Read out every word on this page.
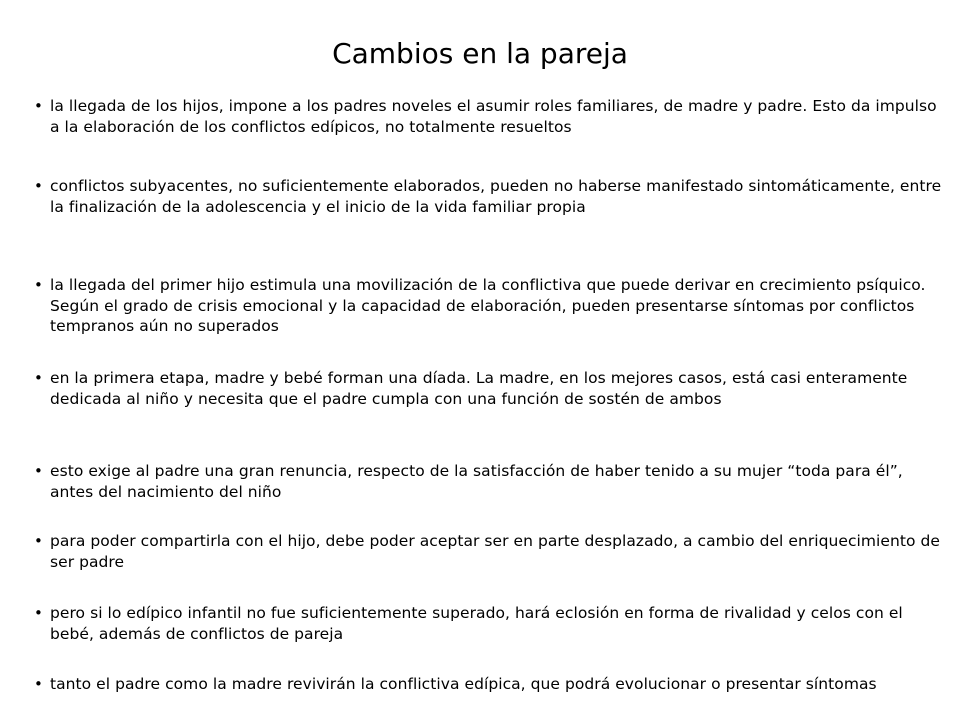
Cambios en la pareja
• la llegada de los hijos, impone a los padres noveles el asumir roles familiares, de madre y padre. Esto da impulso a la elaboración de los conflictos edípicos, no totalmente resueltos
• conflictos subyacentes, no suficientemente elaborados, pueden no haberse manifestado sintomáticamente, entre la finalización de la adolescencia y el inicio de la vida familiar propia
• la llegada del primer hijo estimula una movilización de la conflictiva que puede derivar en crecimiento psíquico. Según el grado de crisis emocional y la capacidad de elaboración, pueden presentarse síntomas por conflictos tempranos aún no superados
• en la primera etapa, madre y bebé forman una díada. La madre, en los mejores casos, está casi enteramente dedicada al niño y necesita que el padre cumpla con una función de sostén de ambos
• esto exige al padre una gran renuncia, respecto de la satisfacción de haber tenido a su mujer “toda para él”, antes del nacimiento del niño
• para poder compartirla con el hijo, debe poder aceptar ser en parte desplazado, a cambio del enriquecimiento de ser padre
• pero si lo edípico infantil no fue suficientemente superado, hará eclosión en forma de rivalidad y celos con el bebé, además de conflictos de pareja
• tanto el padre como la madre revivirán la conflictiva edípica, que podrá evolucionar o presentar síntomas
